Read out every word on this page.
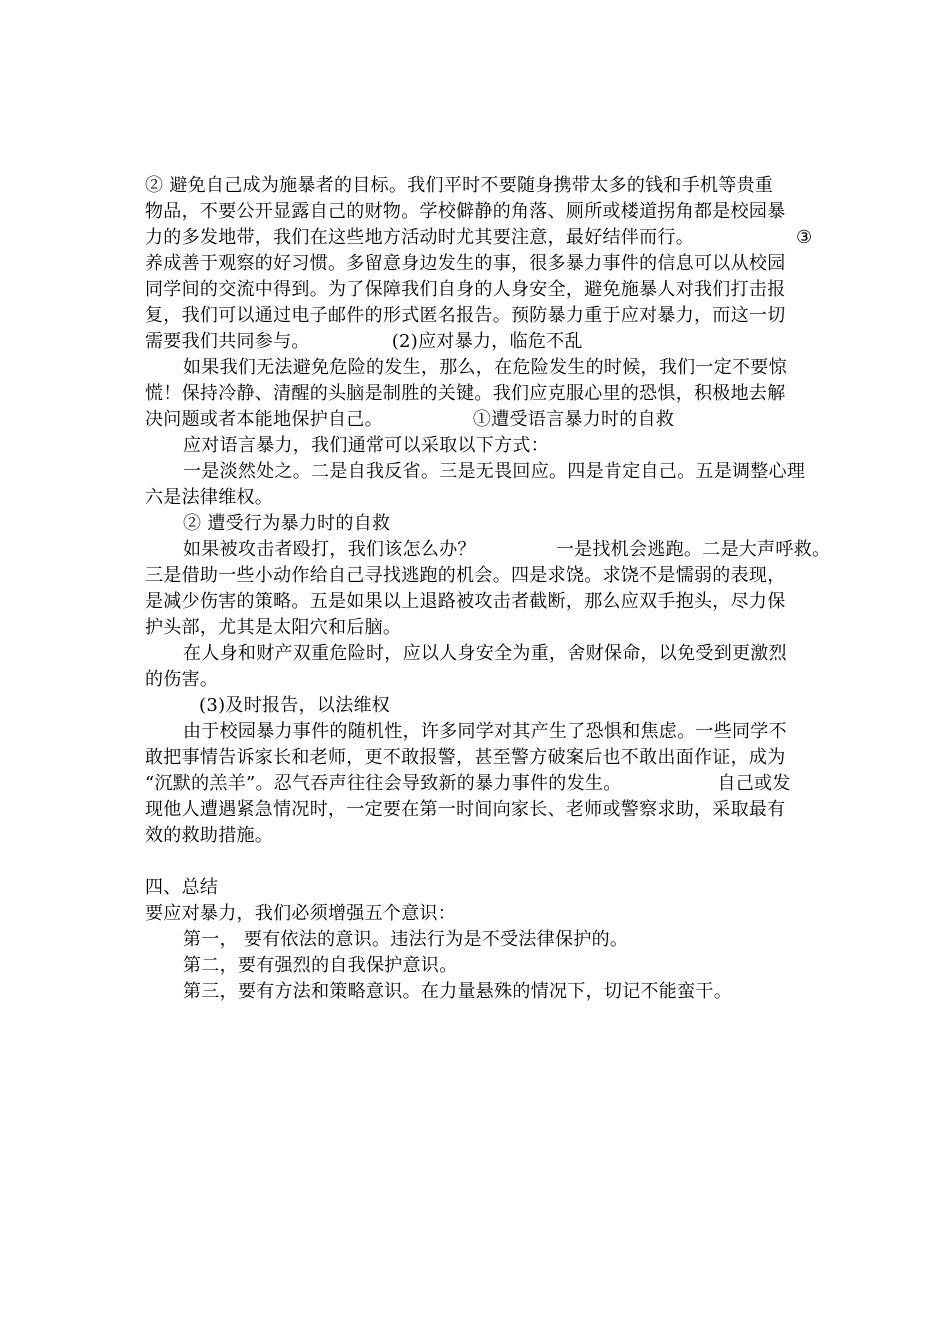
② 避免自己成为施暴者的目标。我们平时不要随身携带太多的钱和手机等贵重
物品，不要公开显露自己的财物。学校僻静的角落、厕所或楼道拐角都是校园暴
力的多发地带，我们在这些地方活动时尤其要注意，最好结伴而行。	③
养成善于观察的好习惯。多留意身边发生的事，很多暴力事件的信息可以从校园
同学间的交流中得到。为了保障我们自身的人身安全，避免施暴人对我们打击报
复，我们可以通过电子邮件的形式匿名报告。预防暴力重于应对暴力，而这一切
需要我们共同参与。	(2)应对暴力，临危不乱
如果我们无法避免危险的发生，那么，在危险发生的时候，我们一定不要惊
慌！保持冷静、清醒的头脑是制胜的关键。我们应克服心里的恐惧，积极地去解
决问题或者本能地保护自己。	①遭受语言暴力时的自救
应对语言暴力，我们通常可以采取以下方式：
一是淡然处之。二是自我反省。三是无畏回应。四是肯定自己。五是调整心理
六是法律维权。
② 遭受行为暴力时的自救
如果被攻击者殴打，我们该怎么办？	一是找机会逃跑。二是大声呼救。
三是借助一些小动作给自己寻找逃跑的机会。四是求饶。求饶不是懦弱的表现，
是减少伤害的策略。五是如果以上退路被攻击者截断，那么应双手抱头，尽力保
护头部，尤其是太阳穴和后脑。
在人身和财产双重危险时，应以人身安全为重，舍财保命，以免受到更激烈
的伤害。
(3)及时报告，以法维权
由于校园暴力事件的随机性，许多同学对其产生了恐惧和焦虑。一些同学不
敢把事情告诉家长和老师，更不敢报警，甚至警方破案后也不敢出面作证，成为
“沉默的羔羊”。忍气吞声往往会导致新的暴力事件的发生。	自己或发
现他人遭遇紧急情况时，一定要在第一时间向家长、老师或警察求助，采取最有
效的救助措施。
四、总结
要应对暴力，我们必须增强五个意识：
第一， 要有依法的意识。违法行为是不受法律保护的。
第二，要有强烈的自我保护意识。
第三，要有方法和策略意识。在力量悬殊的情况下，切记不能蛮干。
